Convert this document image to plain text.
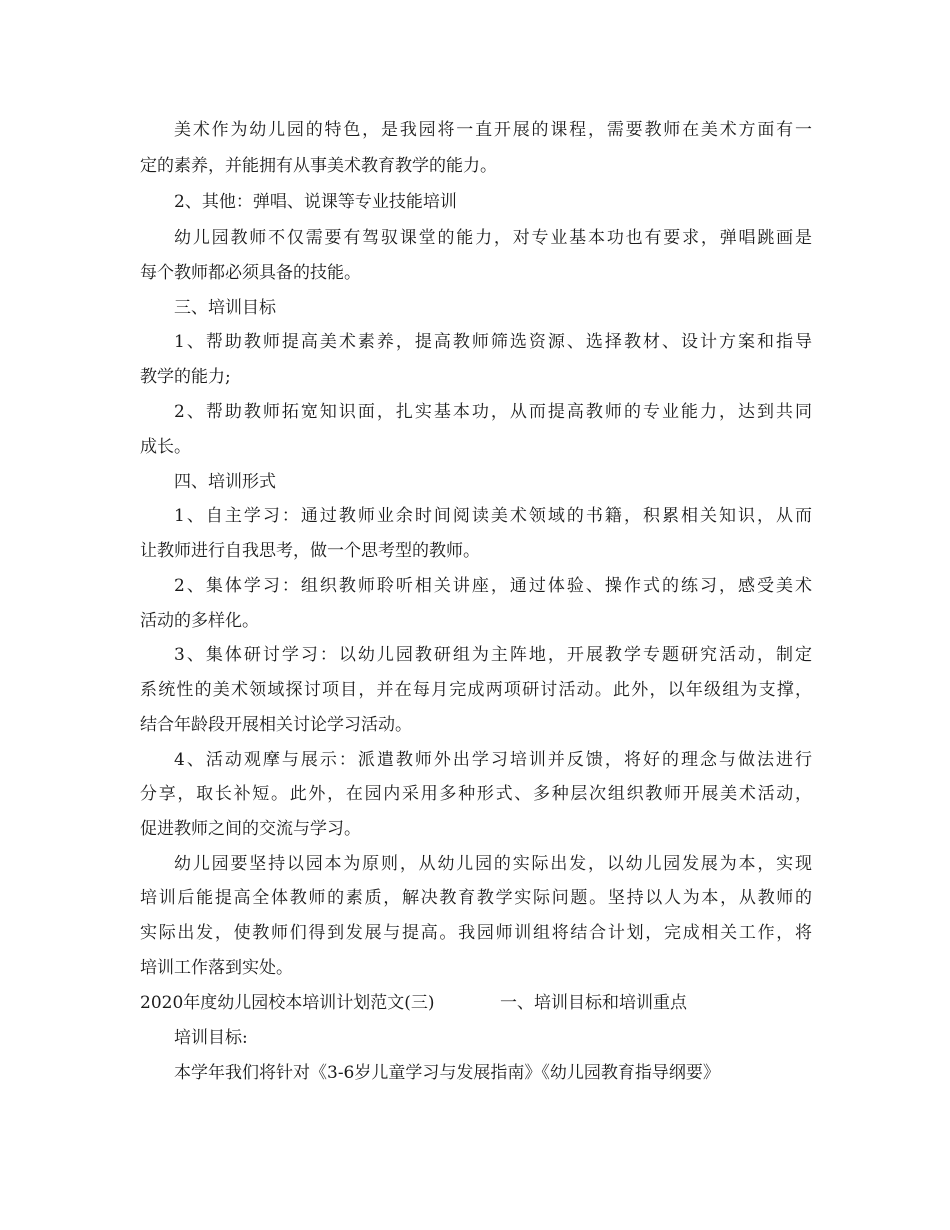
美术作为幼儿园的特色，是我园将一直开展的课程，需要教师在美术方面有一
定的素养，并能拥有从事美术教育教学的能力。
2、其他：弹唱、说课等专业技能培训
幼儿园教师不仅需要有驾驭课堂的能力，对专业基本功也有要求，弹唱跳画是
每个教师都必须具备的技能。
三、培训目标
1、帮助教师提高美术素养，提高教师筛选资源、选择教材、设计方案和指导
教学的能力;
2、帮助教师拓宽知识面，扎实基本功，从而提高教师的专业能力，达到共同
成长。
四、培训形式
1、自主学习：通过教师业余时间阅读美术领域的书籍，积累相关知识，从而
让教师进行自我思考，做一个思考型的教师。
2、集体学习：组织教师聆听相关讲座，通过体验、操作式的练习，感受美术
活动的多样化。
3、集体研讨学习：以幼儿园教研组为主阵地，开展教学专题研究活动，制定
系统性的美术领域探讨项目，并在每月完成两项研讨活动。此外，以年级组为支撑，
结合年龄段开展相关讨论学习活动。
4、活动观摩与展示：派遣教师外出学习培训并反馈，将好的理念与做法进行
分享，取长补短。此外，在园内采用多种形式、多种层次组织教师开展美术活动，
促进教师之间的交流与学习。
幼儿园要坚持以园本为原则，从幼儿园的实际出发，以幼儿园发展为本，实现
培训后能提高全体教师的素质，解决教育教学实际问题。坚持以人为本，从教师的
实际出发，使教师们得到发展与提高。我园师训组将结合计划，完成相关工作，将
培训工作落到实处。
2020年度幼儿园校本培训计划范文(三)	一、培训目标和培训重点
培训目标:
本学年我们将针对《3-6岁儿童学习与发展指南》《幼儿园教育指导纲要》
